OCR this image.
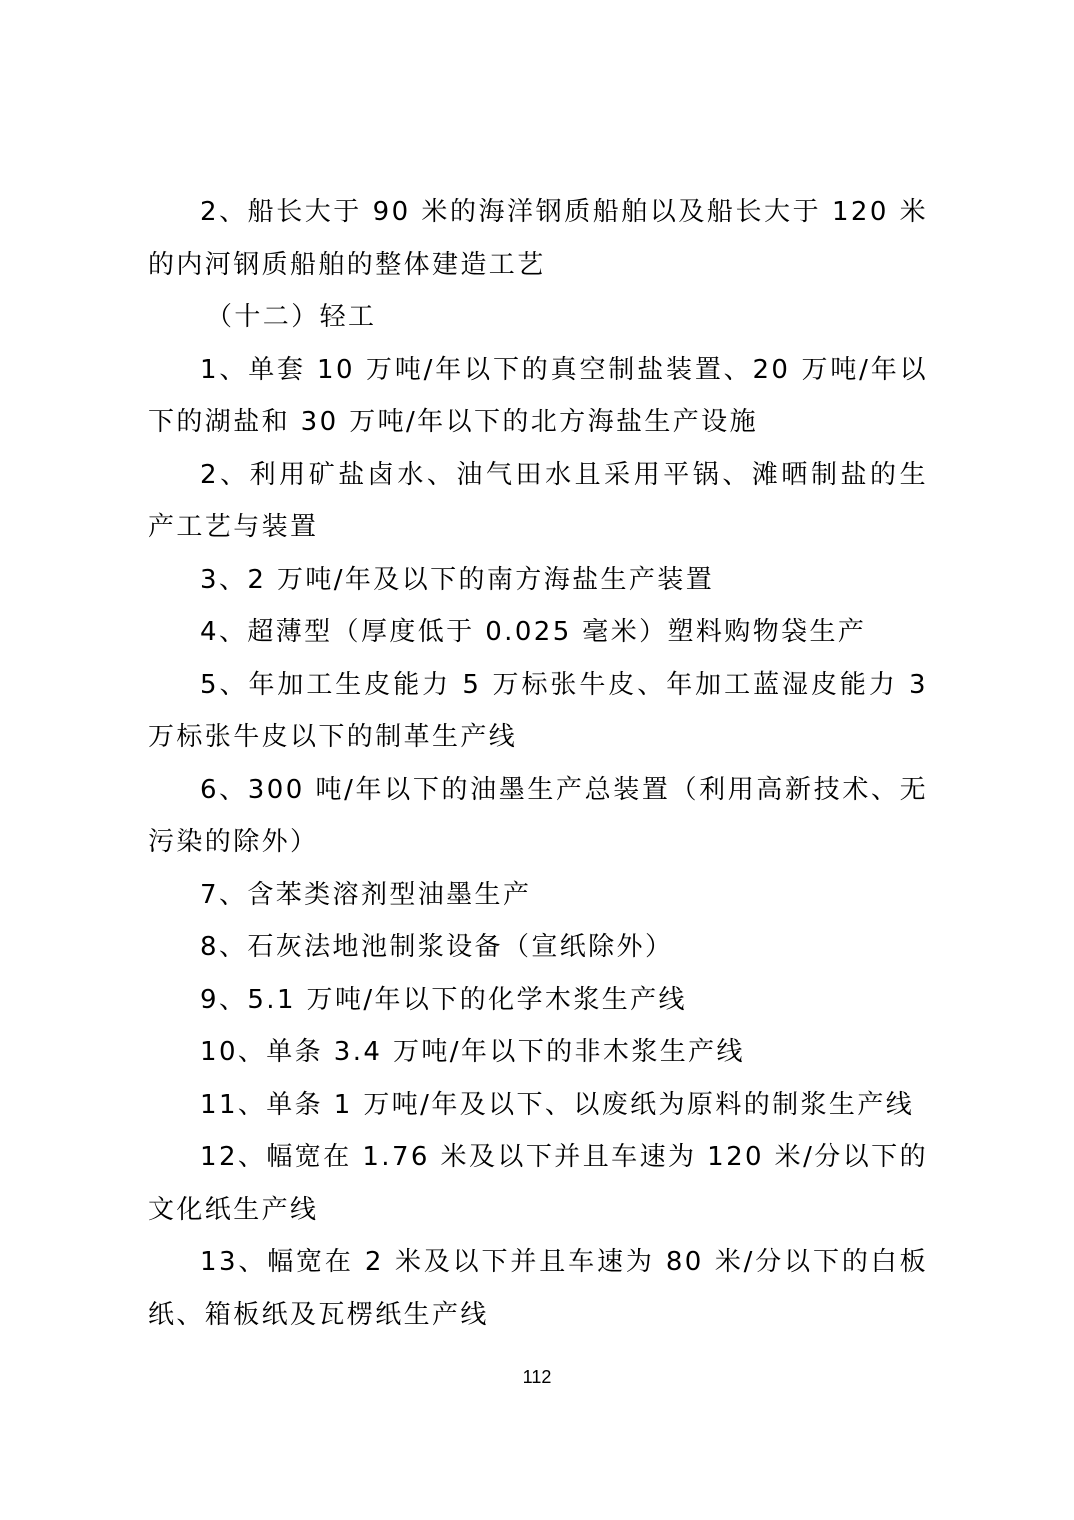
2、船长大于 90 米的海洋钢质船舶以及船长大于 120 米的内河钢质船舶的整体建造工艺

（十二）轻工

1、单套 10 万吨/年以下的真空制盐装置、20 万吨/年以下的湖盐和 30 万吨/年以下的北方海盐生产设施

2、利用矿盐卤水、油气田水且采用平锅、滩晒制盐的生产工艺与装置

3、2 万吨/年及以下的南方海盐生产装置

4、超薄型（厚度低于 0.025 毫米）塑料购物袋生产

5、年加工生皮能力 5 万标张牛皮、年加工蓝湿皮能力 3 万标张牛皮以下的制革生产线

6、300 吨/年以下的油墨生产总装置（利用高新技术、无污染的除外）

7、含苯类溶剂型油墨生产

8、石灰法地池制浆设备（宣纸除外）

9、5.1 万吨/年以下的化学木浆生产线

10、单条 3.4 万吨/年以下的非木浆生产线

11、单条 1 万吨/年及以下、以废纸为原料的制浆生产线

12、幅宽在 1.76 米及以下并且车速为 120 米/分以下的文化纸生产线

13、幅宽在 2 米及以下并且车速为 80 米/分以下的白板纸、箱板纸及瓦楞纸生产线

112
